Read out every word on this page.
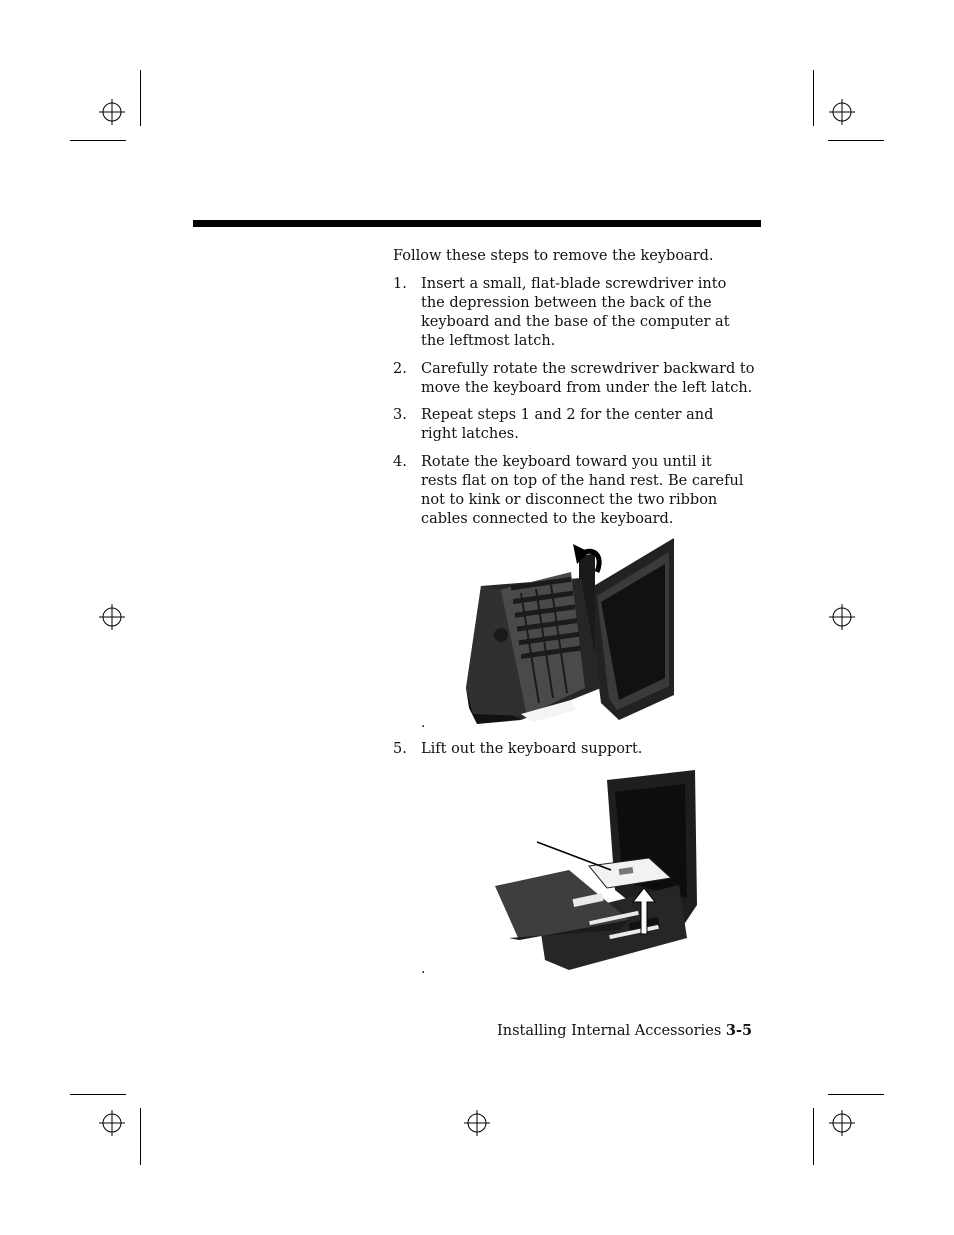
Follow these steps to remove the keyboard.
1. Insert a small, flat-blade screwdriver into
the depression between the back of the
keyboard and the base of the computer at
the leftmost latch.
2. Carefully rotate the screwdriver backward to
move the keyboard from under the left latch.
3. Repeat steps 1 and 2 for the center and
right latches.
4. Rotate the keyboard toward you until it
rests flat on top of the hand rest. Be careful
not to kink or disconnect the two ribbon
cables connected to the keyboard.
.
5. Lift out the keyboard support.
.
Installing Internal Accessories 3-5
